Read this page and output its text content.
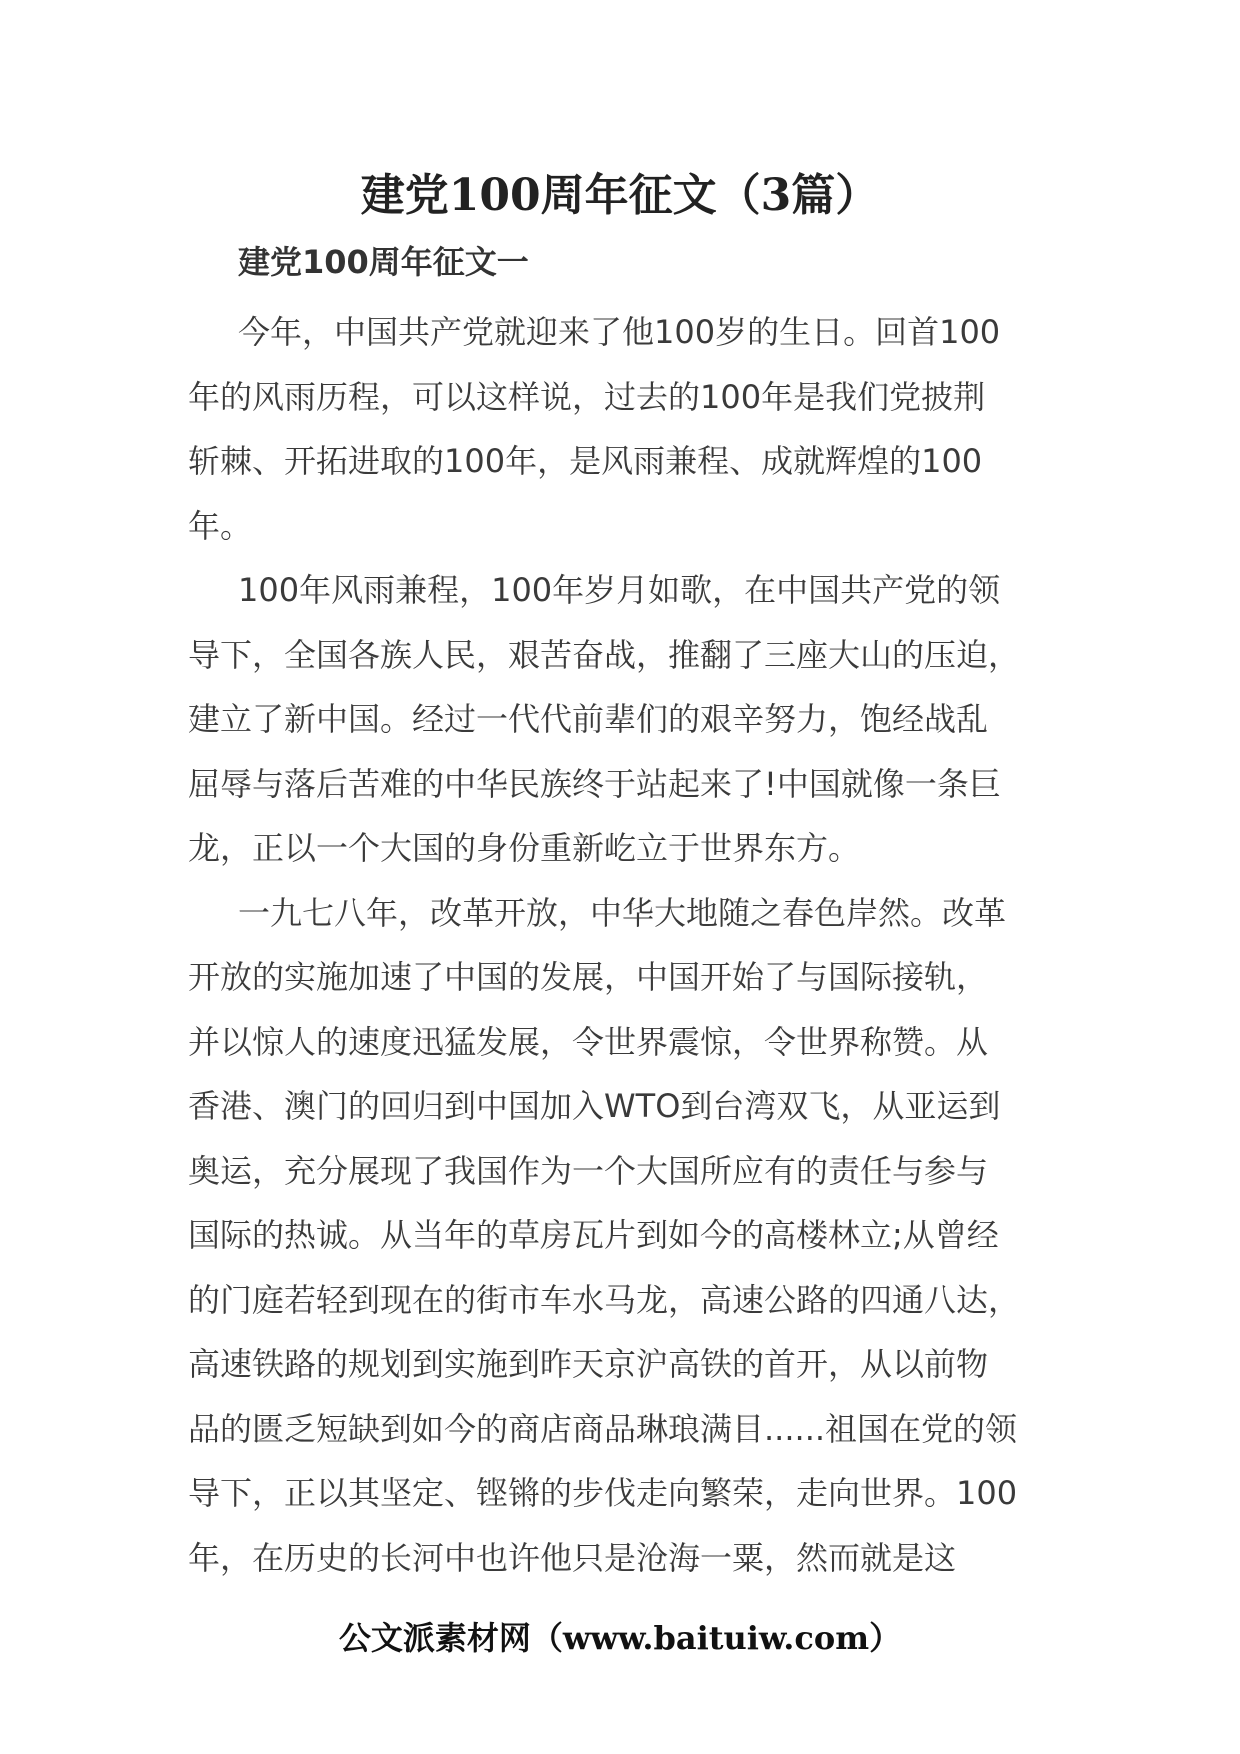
建党100周年征文（3篇）
建党100周年征文一

今年，中国共产党就迎来了他100岁的生日。回首100
年的风雨历程，可以这样说，过去的100年是我们党披荆
斩棘、开拓进取的100年，是风雨兼程、成就辉煌的100
年。

100年风雨兼程，100年岁月如歌，在中国共产党的领
导下，全国各族人民，艰苦奋战，推翻了三座大山的压迫，
建立了新中国。经过一代代前辈们的艰辛努力，饱经战乱
屈辱与落后苦难的中华民族终于站起来了!中国就像一条巨
龙，正以一个大国的身份重新屹立于世界东方。

一九七八年，改革开放，中华大地随之春色岸然。改革
开放的实施加速了中国的发展，中国开始了与国际接轨，
并以惊人的速度迅猛发展，令世界震惊，令世界称赞。从
香港、澳门的回归到中国加入WTO到台湾双飞，从亚运到
奥运，充分展现了我国作为一个大国所应有的责任与参与
国际的热诚。从当年的草房瓦片到如今的高楼林立;从曾经
的门庭若轻到现在的街市车水马龙，高速公路的四通八达，
高速铁路的规划到实施到昨天京沪高铁的首开，从以前物
品的匮乏短缺到如今的商店商品琳琅满目......祖国在党的领
导下，正以其坚定、铿锵的步伐走向繁荣，走向世界。100
年，在历史的长河中也许他只是沧海一粟，然而就是这

公文派素材网（www.baituiw.com）
